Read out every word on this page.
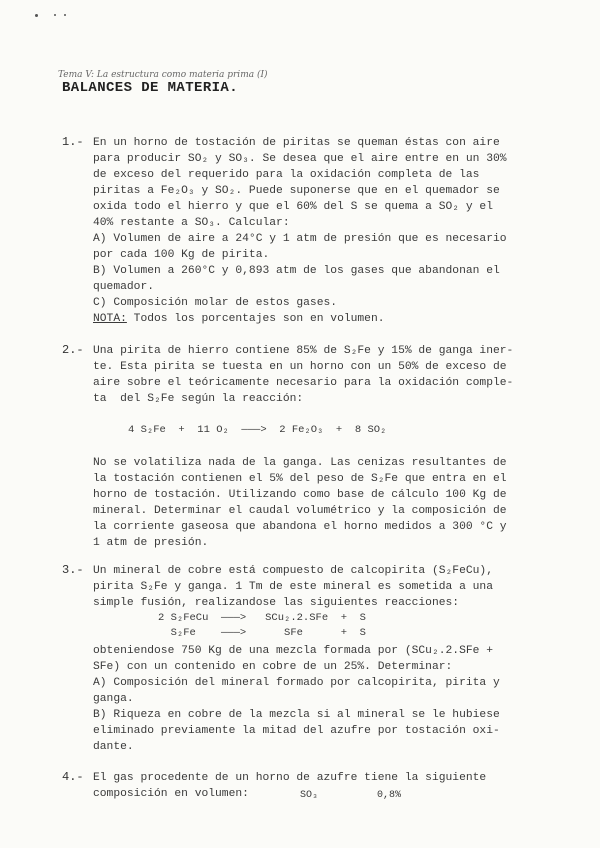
Tema V: La estructura como materia prima (I)
BALANCES DE MATERIA.
1.- En un horno de tostación de piritas se queman éstas con aire
para producir SO₂ y SO₃. Se desea que el aire entre en un 30%
de exceso del requerido para la oxidación completa de las
piritas a Fe₂O₃ y SO₂. Puede suponerse que en el quemador se
oxida todo el hierro y que el 60% del S se quema a SO₂ y el
40% restante a SO₃. Calcular:
A) Volumen de aire a 24°C y 1 atm de presión que es necesario
por cada 100 Kg de pirita.
B) Volumen a 260°C y 0,893 atm de los gases que abandonan el
quemador.
C) Composición molar de estos gases.
NOTA: Todos los porcentajes son en volumen.
2.- Una pirita de hierro contiene 85% de S₂Fe y 15% de ganga iner-
te. Esta pirita se tuesta en un horno con un 50% de exceso de
aire sobre el teóricamente necesario para la oxidación comple-
ta  del S₂Fe según la reacción:
4 S₂Fe  +  11 O₂  ———>  2 Fe₂O₃  +  8 SO₂
No se volatiliza nada de la ganga. Las cenizas resultantes de
la tostación contienen el 5% del peso de S₂Fe que entra en el
horno de tostación. Utilizando como base de cálculo 100 Kg de
mineral. Determinar el caudal volumétrico y la composición de
la corriente gaseosa que abandona el horno medidos a 300 °C y
1 atm de presión.
3.- Un mineral de cobre está compuesto de calcopirita (S₂FeCu),
pirita S₂Fe y ganga. 1 Tm de este mineral es sometida a una
simple fusión, realizandose las siguientes reacciones:
2 S₂FeCu  ———>   SCu₂.2.SFe  +  S
S₂Fe    ———>      SFe      +  S
obteniendose 750 Kg de una mezcla formada por (SCu₂.2.SFe +
SFe) con un contenido en cobre de un 25%. Determinar:
A) Composición del mineral formado por calcopirita, pirita y
ganga.
B) Riqueza en cobre de la mezcla si al mineral se le hubiese
eliminado previamente la mitad del azufre por tostación oxi-
dante.
4.- El gas procedente de un horno de azufre tiene la siguiente
composición en volumen:	SO₃	0,8%
